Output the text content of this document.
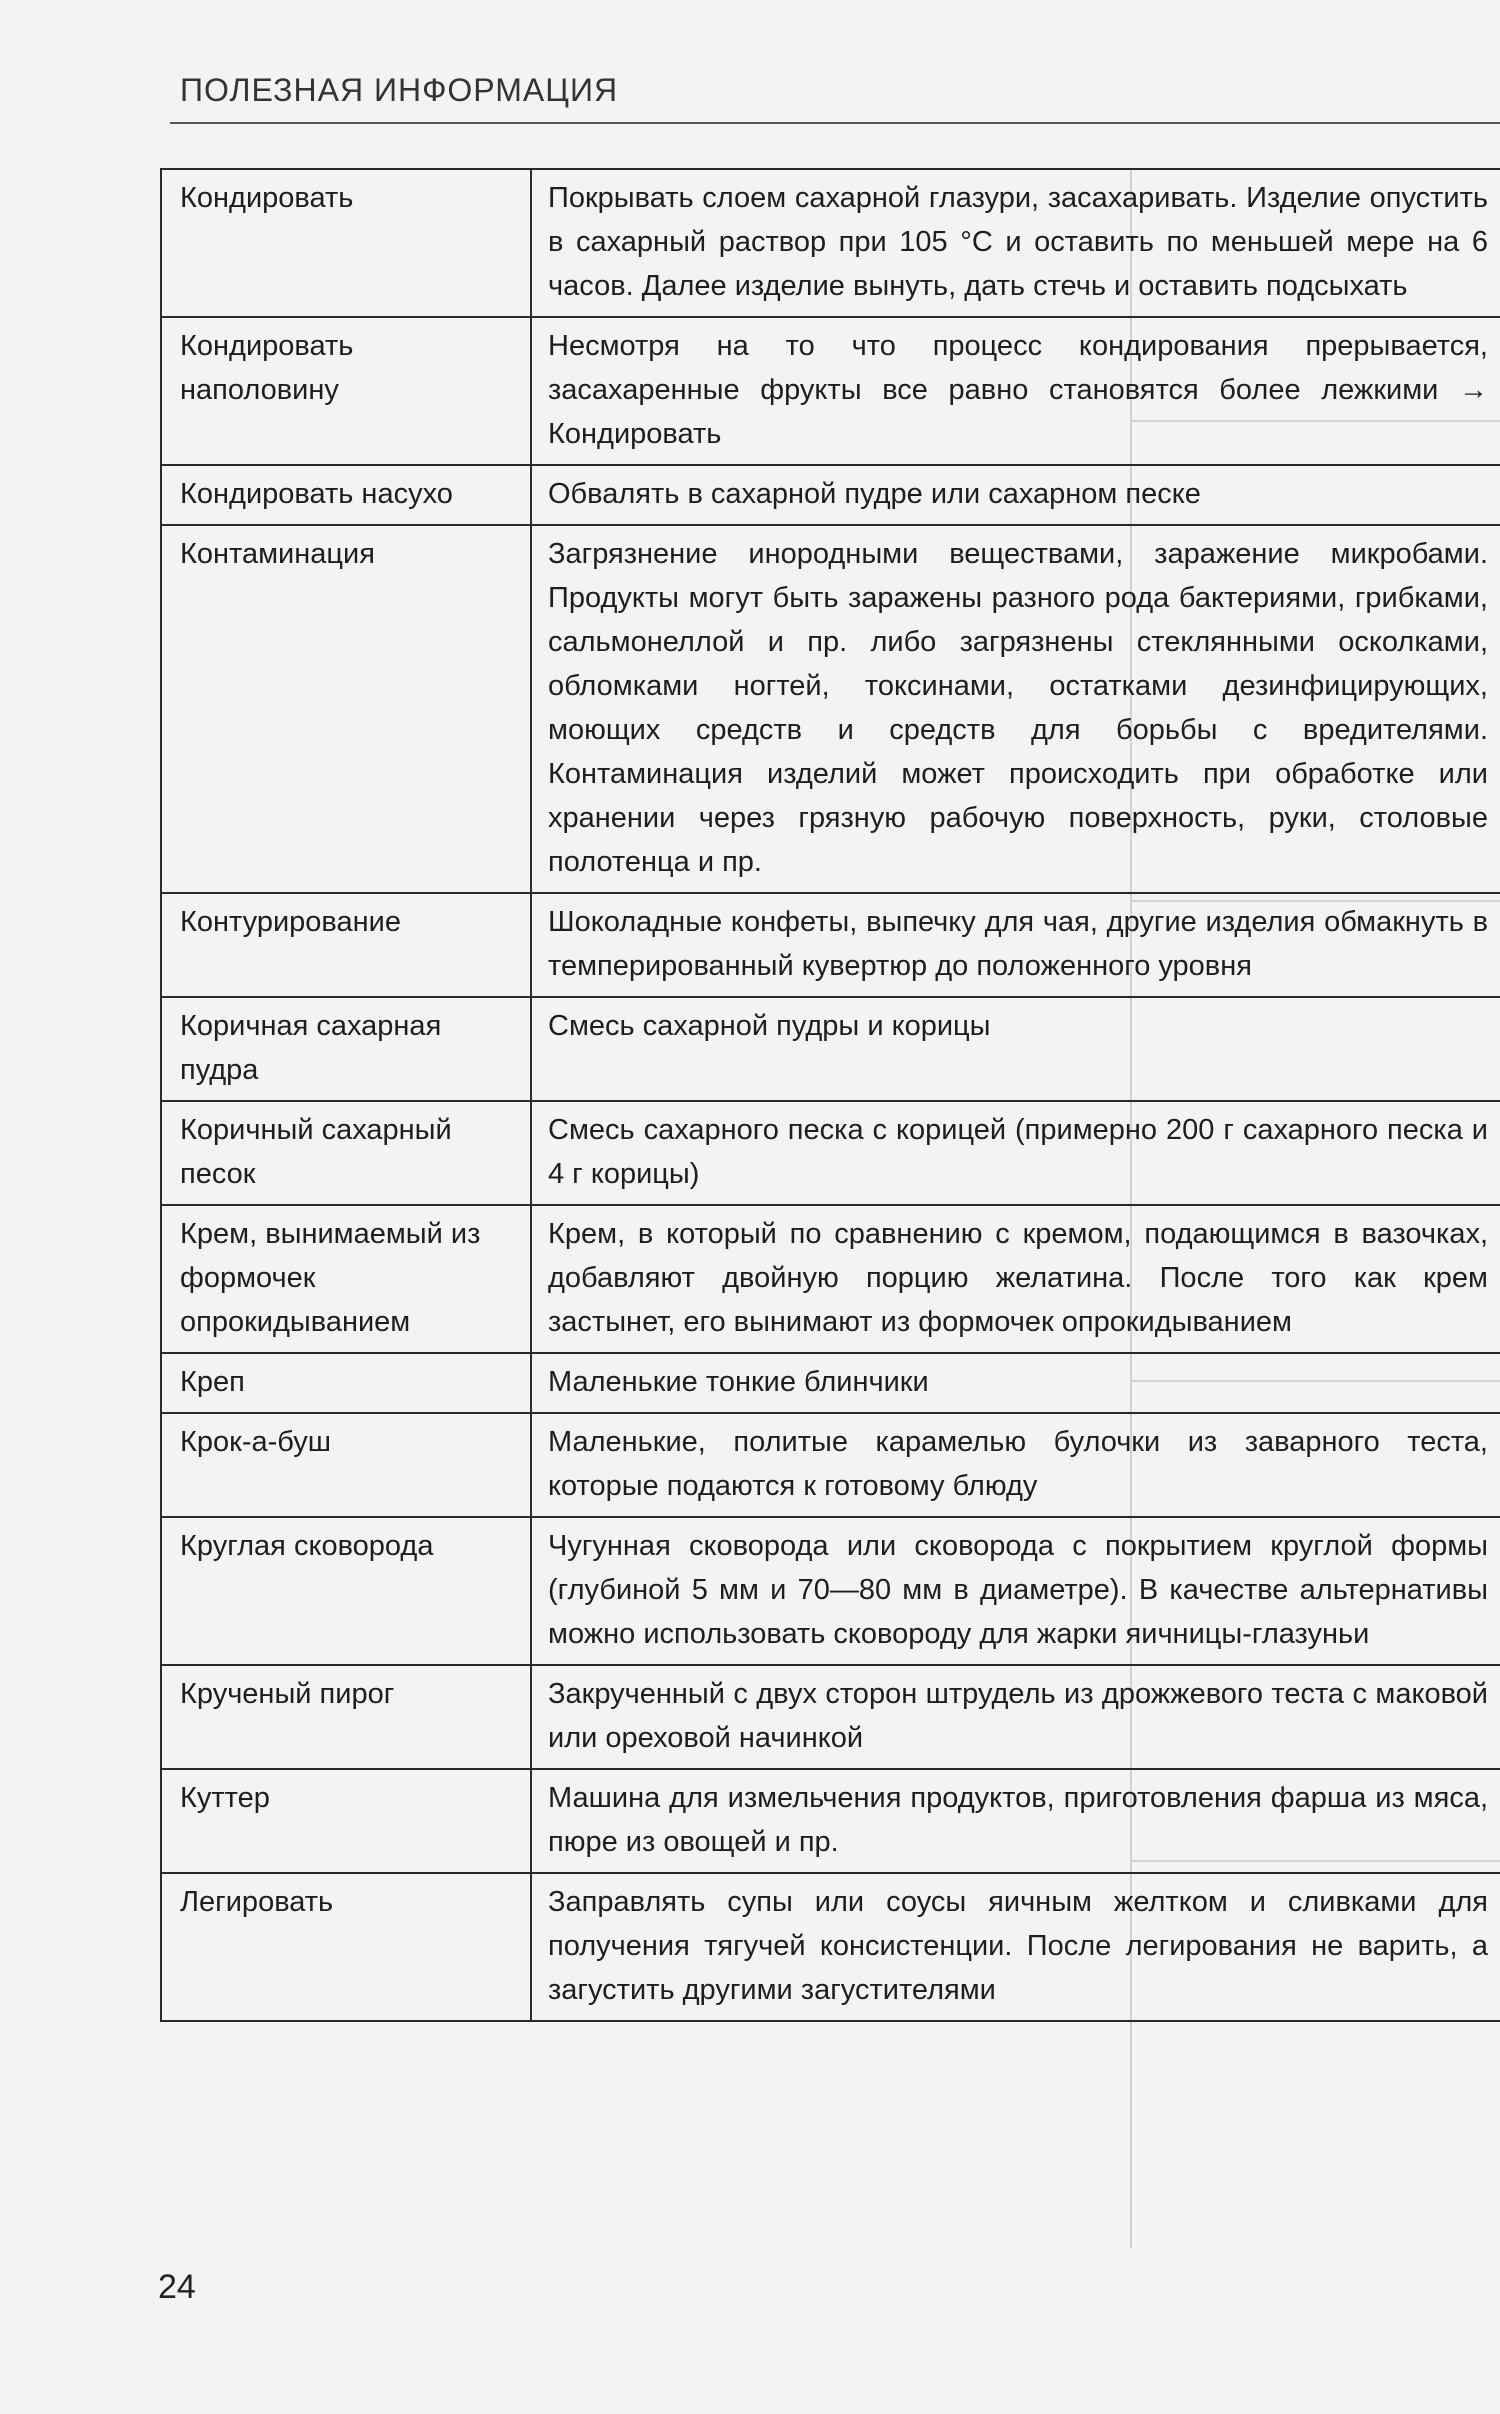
ПОЛЕЗНАЯ ИНФОРМАЦИЯ
Кондировать	Покрывать слоем сахарной глазури, засахаривать. Изделие опустить в сахарный раствор при 105 °С и оставить по меньшей мере на 6 часов. Далее изделие вынуть, дать стечь и оставить подсыхать
Кондировать наполовину	Несмотря на то что процесс кондирования прерывается, засахаренные фрукты все равно становятся более лежкими → Кондировать
Кондировать насухо	Обвалять в сахарной пудре или сахарном песке
Контаминация	Загрязнение инородными веществами, заражение микробами. Продукты могут быть заражены разного рода бактериями, грибками, сальмонеллой и пр. либо загрязнены стеклянными осколками, обломками ногтей, токсинами, остатками дезинфицирующих, моющих средств и средств для борьбы с вредителями. Контаминация изделий может происходить при обработке или хранении через грязную рабочую поверхность, руки, столовые полотенца и пр.
Контурирование	Шоколадные конфеты, выпечку для чая, другие изделия обмакнуть в темперированный кувертюр до положенного уровня
Коричная сахарная пудра	Смесь сахарной пудры и корицы
Коричный сахарный песок	Смесь сахарного песка с корицей (примерно 200 г сахарного песка и 4 г корицы)
Крем, вынимаемый из формочек опрокидыванием	Крем, в который по сравнению с кремом, подающимся в вазочках, добавляют двойную порцию желатина. После того как крем застынет, его вынимают из формочек опрокидыванием
Креп	Маленькие тонкие блинчики
Крок-а-буш	Маленькие, политые карамелью булочки из заварного теста, которые подаются к готовому блюду
Круглая сковорода	Чугунная сковорода или сковорода с покрытием круглой формы (глубиной 5 мм и 70—80 мм в диаметре). В качестве альтернативы можно использовать сковороду для жарки яичницы-глазуньи
Крученый пирог	Закрученный с двух сторон штрудель из дрожжевого теста с маковой или ореховой начинкой
Куттер	Машина для измельчения продуктов, приготовления фарша из мяса, пюре из овощей и пр.
Легировать	Заправлять супы или соусы яичным желтком и сливками для получения тягучей консистенции. После легирования не варить, а загустить другими загустителями
24
